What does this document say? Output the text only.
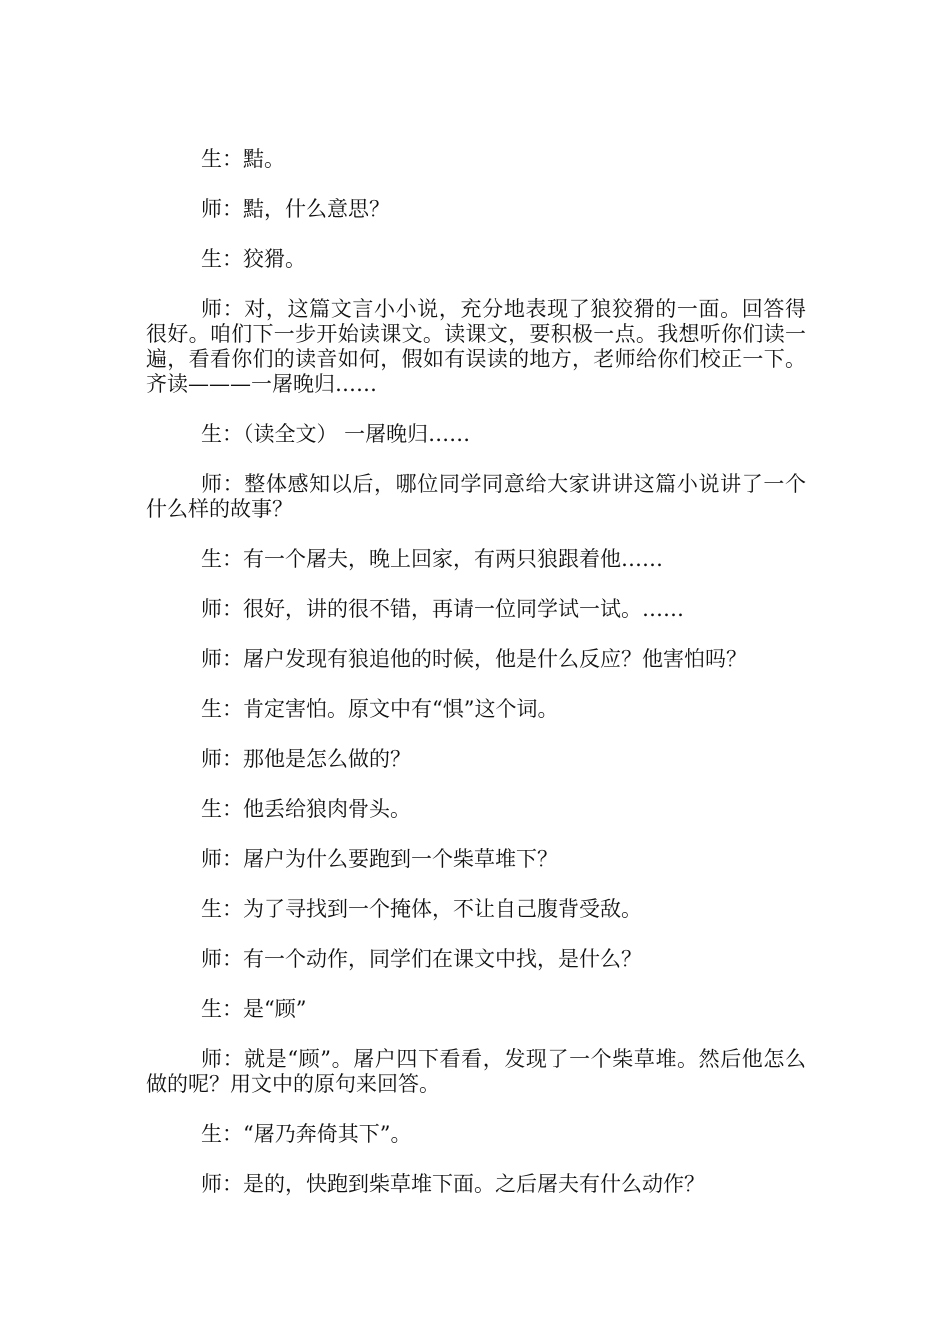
生：黠。

师：黠，什么意思？

生：狡猾。

师：对，这篇文言小小说，充分地表现了狼狡猾的一面。回答得很好。咱们下一步开始读课文。读课文，要积极一点。我想听你们读一遍，看看你们的读音如何，假如有误读的地方，老师给你们校正一下。齐读———一屠晚归……

生：（读全文） 一屠晚归……

师：整体感知以后，哪位同学同意给大家讲讲这篇小说讲了一个什么样的故事？

生：有一个屠夫，晚上回家，有两只狼跟着他……

师：很好，讲的很不错，再请一位同学试一试。……

师：屠户发现有狼追他的时候，他是什么反应？他害怕吗？

生：肯定害怕。原文中有“惧”这个词。

师：那他是怎么做的？

生：他丢给狼肉骨头。

师：屠户为什么要跑到一个柴草堆下？

生：为了寻找到一个掩体，不让自己腹背受敌。

师：有一个动作，同学们在课文中找，是什么？

生：是“顾”

师：就是“顾”。屠户四下看看，发现了一个柴草堆。然后他怎么做的呢？用文中的原句来回答。

生：“屠乃奔倚其下”。

师：是的，快跑到柴草堆下面。之后屠夫有什么动作？
